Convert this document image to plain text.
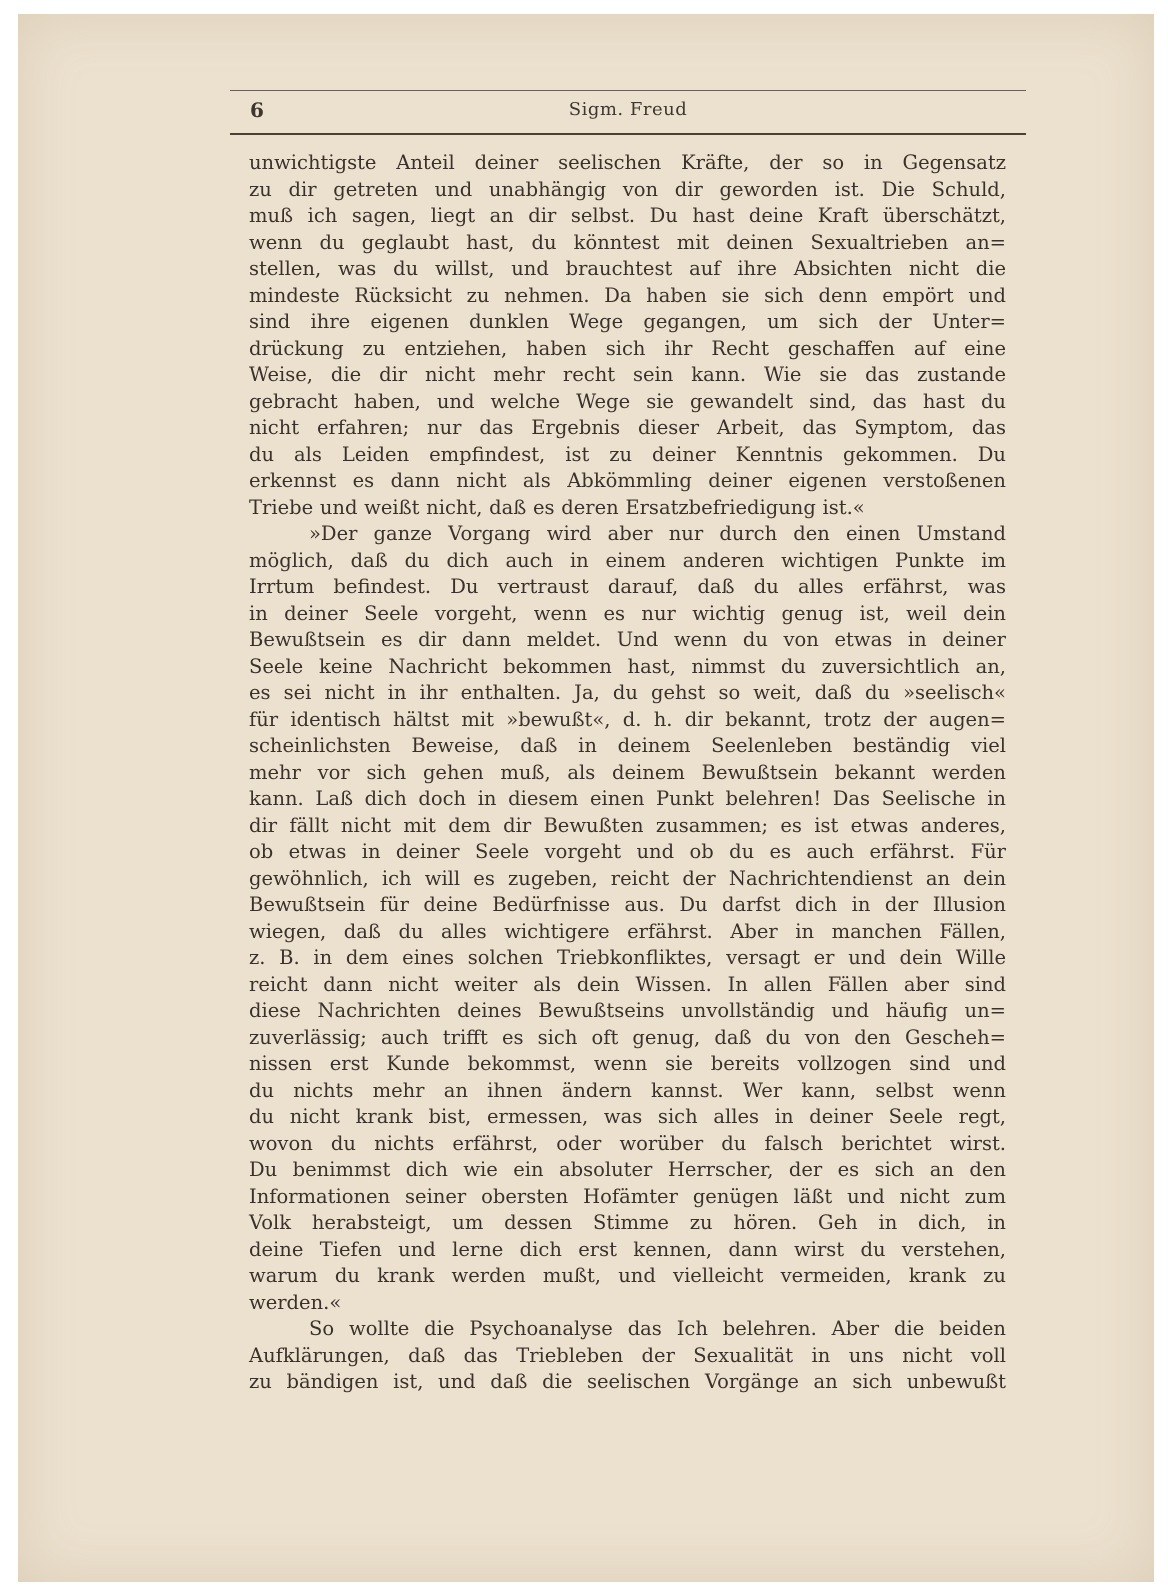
6	Sigm. Freud
unwichtigste Anteil deiner seelischen Kräfte, der so in Gegensatz
zu dir getreten und unabhängig von dir geworden ist. Die Schuld,
muß ich sagen, liegt an dir selbst. Du hast deine Kraft überschätzt,
wenn du geglaubt hast, du könntest mit deinen Sexualtrieben an=
stellen, was du willst, und brauchtest auf ihre Absichten nicht die
mindeste Rücksicht zu nehmen. Da haben sie sich denn empört und
sind ihre eigenen dunklen Wege gegangen, um sich der Unter=
drückung zu entziehen, haben sich ihr Recht geschaffen auf eine
Weise, die dir nicht mehr recht sein kann. Wie sie das zustande
gebracht haben, und welche Wege sie gewandelt sind, das hast du
nicht erfahren; nur das Ergebnis dieser Arbeit, das Symptom, das
du als Leiden empfindest, ist zu deiner Kenntnis gekommen. Du
erkennst es dann nicht als Abkömmling deiner eigenen verstoßenen
Triebe und weißt nicht, daß es deren Ersatzbefriedigung ist.«
»Der ganze Vorgang wird aber nur durch den einen Umstand
möglich, daß du dich auch in einem anderen wichtigen Punkte im
Irrtum befindest. Du vertraust darauf, daß du alles erfährst, was
in deiner Seele vorgeht, wenn es nur wichtig genug ist, weil dein
Bewußtsein es dir dann meldet. Und wenn du von etwas in deiner
Seele keine Nachricht bekommen hast, nimmst du zuversichtlich an,
es sei nicht in ihr enthalten. Ja, du gehst so weit, daß du »seelisch«
für identisch hältst mit »bewußt«, d. h. dir bekannt, trotz der augen=
scheinlichsten Beweise, daß in deinem Seelenleben beständig viel
mehr vor sich gehen muß, als deinem Bewußtsein bekannt werden
kann. Laß dich doch in diesem einen Punkt belehren! Das Seelische in
dir fällt nicht mit dem dir Bewußten zusammen; es ist etwas anderes,
ob etwas in deiner Seele vorgeht und ob du es auch erfährst. Für
gewöhnlich, ich will es zugeben, reicht der Nachrichtendienst an dein
Bewußtsein für deine Bedürfnisse aus. Du darfst dich in der Illusion
wiegen, daß du alles wichtigere erfährst. Aber in manchen Fällen,
z. B. in dem eines solchen Triebkonfliktes, versagt er und dein Wille
reicht dann nicht weiter als dein Wissen. In allen Fällen aber sind
diese Nachrichten deines Bewußtseins unvollständig und häufig un=
zuverlässig; auch trifft es sich oft genug, daß du von den Gescheh=
nissen erst Kunde bekommst, wenn sie bereits vollzogen sind und
du nichts mehr an ihnen ändern kannst. Wer kann, selbst wenn
du nicht krank bist, ermessen, was sich alles in deiner Seele regt,
wovon du nichts erfährst, oder worüber du falsch berichtet wirst.
Du benimmst dich wie ein absoluter Herrscher, der es sich an den
Informationen seiner obersten Hofämter genügen läßt und nicht zum
Volk herabsteigt, um dessen Stimme zu hören. Geh in dich, in
deine Tiefen und lerne dich erst kennen, dann wirst du verstehen,
warum du krank werden mußt, und vielleicht vermeiden, krank zu
werden.«
So wollte die Psychoanalyse das Ich belehren. Aber die beiden
Aufklärungen, daß das Triebleben der Sexualität in uns nicht voll
zu bändigen ist, und daß die seelischen Vorgänge an sich unbewußt
